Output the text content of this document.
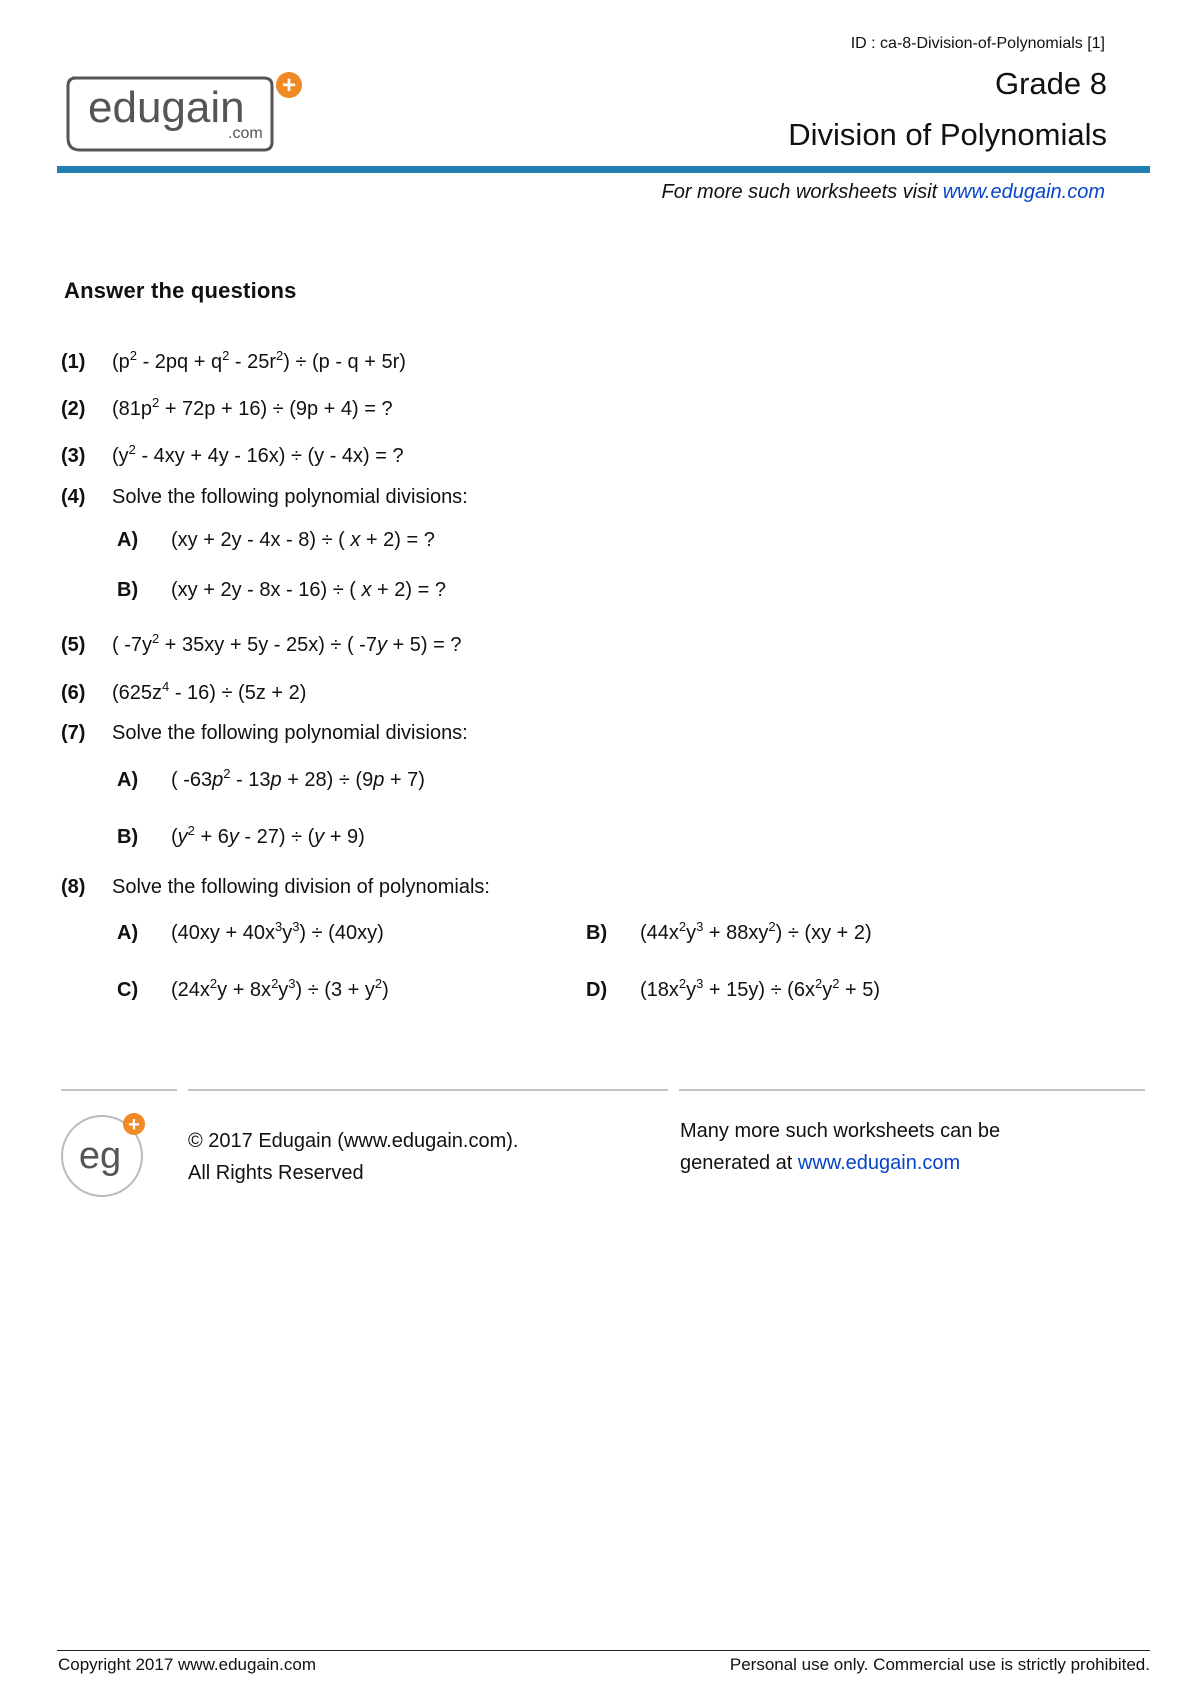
ID : ca-8-Division-of-Polynomials [1]
edugain
.com
+	Grade 8
Division of Polynomials
For more such worksheets visit www.edugain.com
Answer the questions
(1) $(p^2 - 2pq + q^2 - 25r^2) \div (p - q + 5r)$
(2) $(81p^2 + 72p + 16) \div (9p + 4)$ = ?
(3) $(y^2 - 4xy + 4y - 16x) \div (y - 4x)$ = ?
(4) Solve the following polynomial divisions:
A) (xy + 2y - 4x - 8) ÷ ( x + 2) = ?
B) (xy + 2y - 8x - 16) ÷ ( x + 2) = ?
(5) ( $-7y^2 + 35xy + 5y - 25x$) ÷ ( -7y + 5) = ?
(6) $(625z^4 - 16) \div (5z + 2)$
(7) Solve the following polynomial divisions:
A) ( $-63p^2 - 13p + 28) \div (9p + 7)$
B) $(y^2 + 6y - 27) \div (y + 9)$
(8) Solve the following division of polynomials:
A) $(40xy + 40x^3y^3) \div (40xy)$	B) $(44x^2y^3 + 88xy^2) \div (xy + 2)$
C) $(24x^2y + 8x^2y^3) \div (3 + y^2)$	D) $(18x^2y^3 + 15y) \div (6x^2y^2 + 5)$
eg
+
© 2017 Edugain (www.edugain.com).
All Rights Reserved
Many more such worksheets can be
generated at www.edugain.com
Copyright 2017 www.edugain.com	Personal use only. Commercial use is strictly prohibited.
